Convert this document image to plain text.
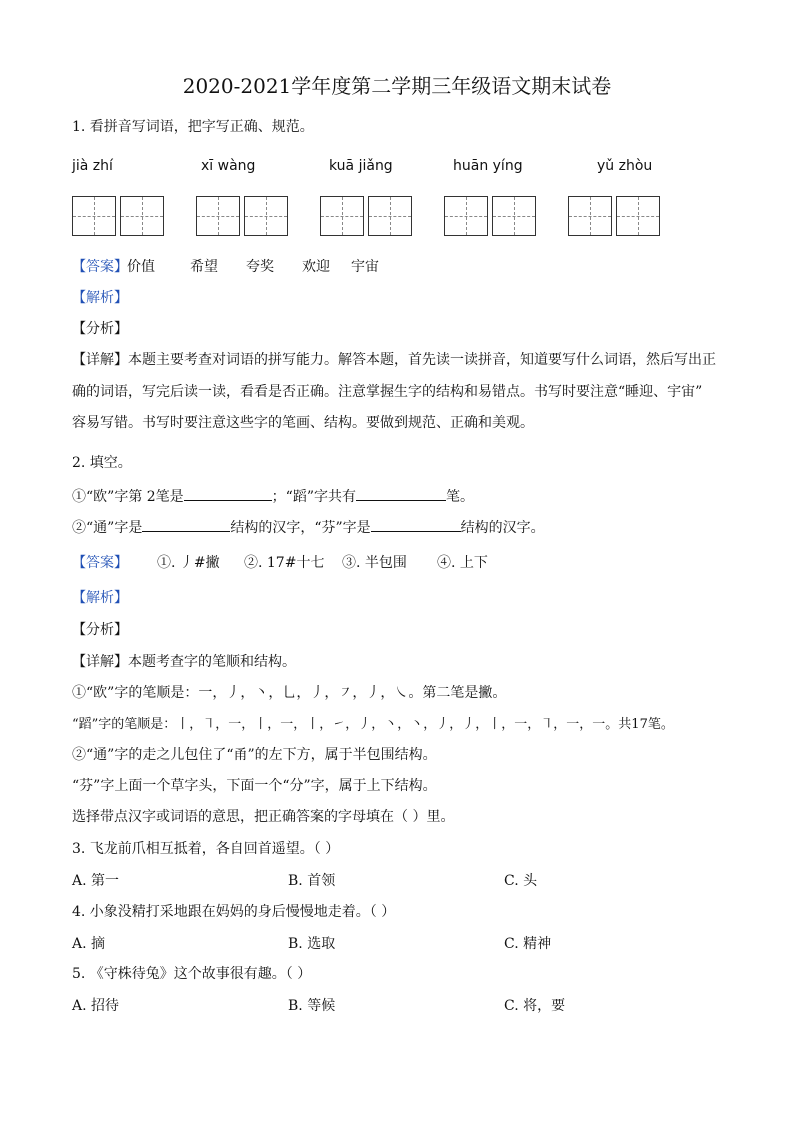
2020-2021学年度第二学期三年级语文期末试卷
1. 看拼音写词语，把字写正确、规范。
jià zhí	xī wàng	kuā jiǎng	huān yíng	yǔ zhòu
【答案】 价值	希望 夸奖 欢迎 宇宙
【解析】
【分析】
【详解】本题主要考查对词语的拼写能力。解答本题，首先读一读拼音，知道要写什么词语，然后写出正
确的词语，写完后读一读，看看是否正确。注意掌握生字的结构和易错点。书写时要注意“睡迎、宇宙”
容易写错。书写时要注意这些字的笔画、结构。要做到规范、正确和美观。
2. 填空。
①“欧”字第 2笔是	；“蹈”字共有	笔。
②“通”字是	结构的汉字，“芬”字是	结构的汉字。
【答案】 ①. 丿#撇 ②. 17#十七 ③. 半包围 ④. 上下
【解析】
【分析】
【详解】本题考查字的笔顺和结构。
①“欧”字的笔顺是：一，丿，丶，乚，丿，㇇，丿，㇏。第二笔是撇。
“蹈”字的笔顺是：丨，㇕，一，丨，一，丨，㇀，丿，丶，丶，丿，丿，丨，一，㇕，一，一。共17笔。
②“通”字的走之儿包住了“甬”的左下方，属于半包围结构。
“芬”字上面一个草字头，下面一个“分”字，属于上下结构。
选择带点汉字或词语的意思，把正确答案的字母填在（ ）里。
3. 飞龙前爪相互抵着，各自回首遥望。（ ）
A. 第一	B. 首领	C. 头
4. 小象没精打采地跟在妈妈的身后慢慢地走着。（ ）
A. 摘	B. 选取	C. 精神
5. 《守株待兔》这个故事很有趣。（ ）
A. 招待	B. 等候	C. 将，要
